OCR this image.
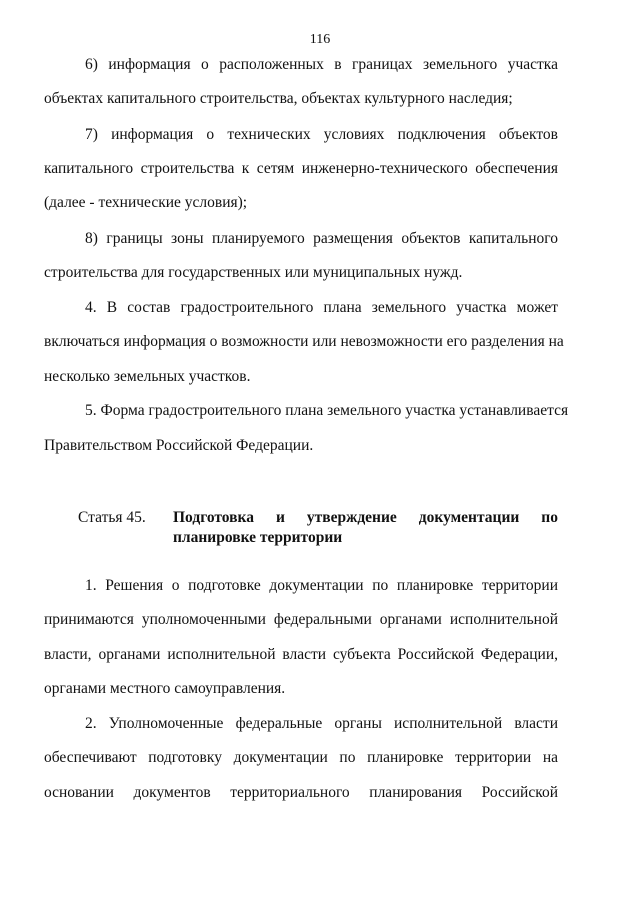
116
6) информация о расположенных в границах земельного участка
объектах капитального строительства, объектах культурного наследия;
7) информация о технических условиях подключения объектов
капитального строительства к сетям инженерно-технического обеспечения
(далее - технические условия);
8) границы зоны планируемого размещения объектов капитального
строительства для государственных или муниципальных нужд.
4. В состав градостроительного плана земельного участка может
включаться информация о возможности или невозможности его разделения на
несколько земельных участков.
5. Форма градостроительного плана земельного участка устанавливается
Правительством Российской Федерации.
Статья 45. Подготовка и утверждение документации по
планировке территории
1. Решения о подготовке документации по планировке территории
принимаются уполномоченными федеральными органами исполнительной
власти, органами исполнительной власти субъекта Российской Федерации,
органами местного самоуправления.
2. Уполномоченные федеральные органы исполнительной власти
обеспечивают подготовку документации по планировке территории на
основании документов территориального планирования Российской
